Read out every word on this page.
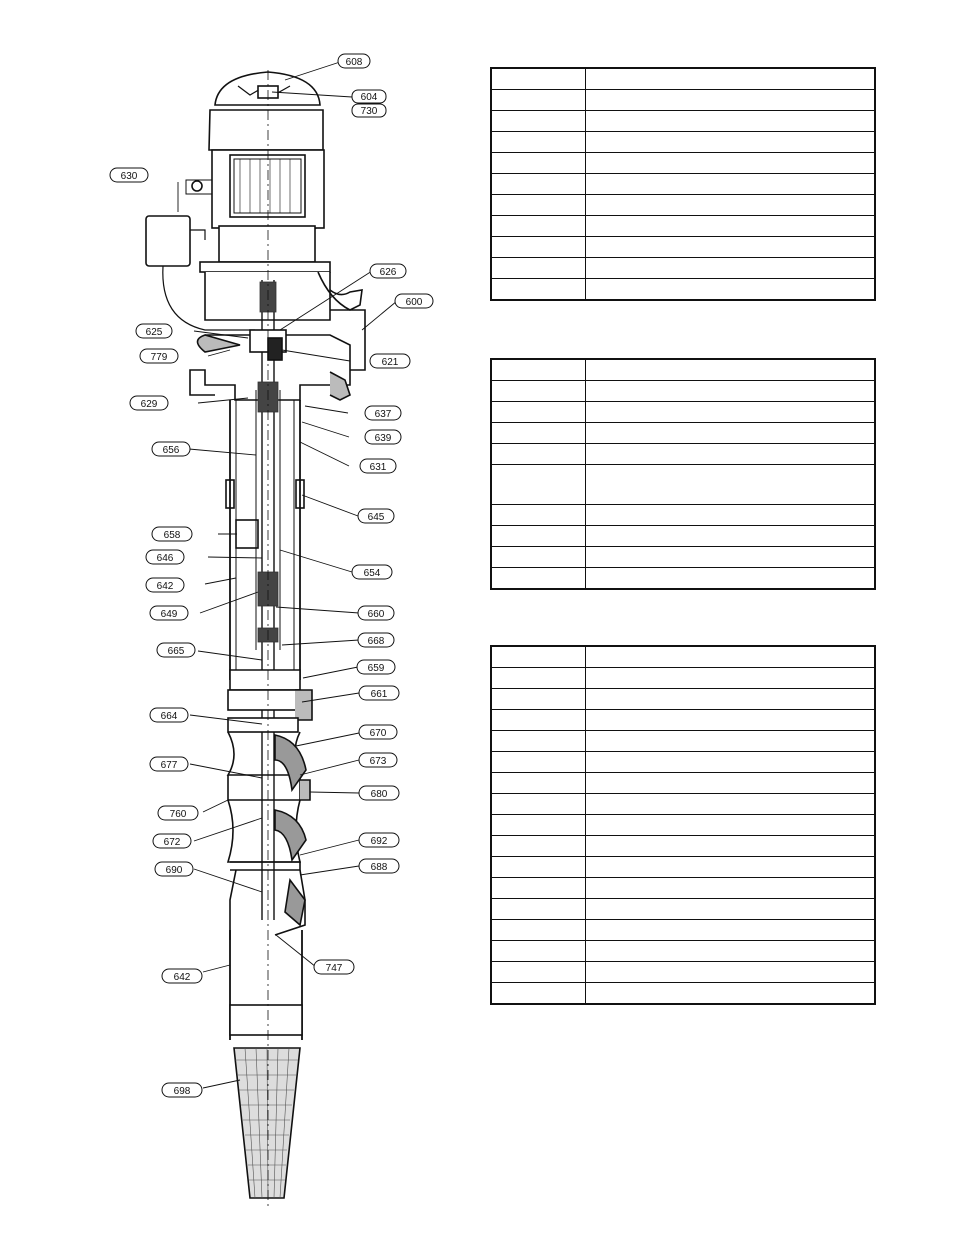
608
604
730
630
626
600
625
779	621
629
637
639
656
631
645
658
646
654
642
649	660
668
665
659
661
664
670
677	673
680
760
672	692
690	688
747
642
698
